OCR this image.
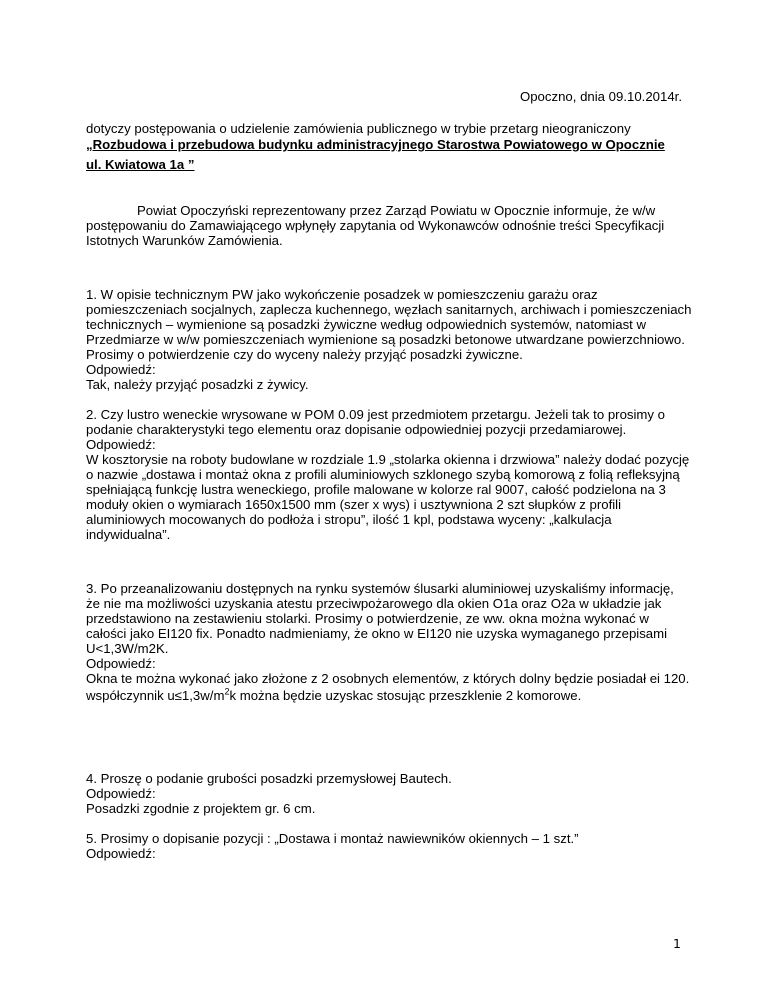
Opoczno, dnia 09.10.2014r.
dotyczy postępowania o udzielenie zamówienia publicznego w trybie przetarg nieograniczony
„Rozbudowa i przebudowa budynku administracyjnego Starostwa Powiatowego w Opocznie
ul. Kwiatowa 1a ”
Powiat Opoczyński reprezentowany przez Zarząd Powiatu w Opocznie informuje, że w/w
postępowaniu do Zamawiającego wpłynęły zapytania od Wykonawców odnośnie treści Specyfikacji
Istotnych Warunków Zamówienia.
1. W opisie technicznym PW jako wykończenie posadzek w pomieszczeniu garażu oraz
pomieszczeniach socjalnych, zaplecza kuchennego, węzłach sanitarnych, archiwach i pomieszczeniach
technicznych – wymienione są posadzki żywiczne według odpowiednich systemów, natomiast w
Przedmiarze w w/w pomieszczeniach wymienione są posadzki betonowe utwardzane powierzchniowo.
Prosimy o potwierdzenie czy do wyceny należy przyjąć posadzki żywiczne.
Odpowiedź:
Tak, należy przyjąć posadzki z żywicy.
2. Czy lustro weneckie wrysowane w POM 0.09 jest przedmiotem przetargu. Jeżeli tak to prosimy o
podanie charakterystyki tego elementu oraz dopisanie odpowiedniej pozycji przedamiarowej.
Odpowiedź:
W kosztorysie na roboty budowlane w rozdziale 1.9 „stolarka okienna i drzwiowa” należy dodać pozycję
o nazwie „dostawa i montaż okna z profili aluminiowych szklonego szybą komorową z folią refleksyjną
spełniającą funkcję lustra weneckiego, profile malowane w kolorze ral 9007, całość podzielona na 3
moduły okien o wymiarach 1650x1500 mm (szer x wys) i usztywniona 2 szt słupków z profili
aluminiowych mocowanych do podłoża i stropu”, ilość 1 kpl, podstawa wyceny: „kalkulacja
indywidualna”.
3. Po przeanalizowaniu dostępnych na rynku systemów ślusarki aluminiowej uzyskaliśmy informację,
że nie ma możliwości uzyskania atestu przeciwpożarowego dla okien O1a oraz O2a w układzie jak
przedstawiono na zestawieniu stolarki. Prosimy o potwierdzenie, ze ww. okna można wykonać w
całości jako EI120 fix. Ponadto nadmieniamy, że okno w EI120 nie uzyska wymaganego przepisami
U<1,3W/m2K.
Odpowiedź:
Okna te można wykonać jako złożone z 2 osobnych elementów, z których dolny będzie posiadał ei 120.
współczynnik $u\le 1,3w/m^2k$ można będzie uzyskac stosując przeszklenie 2 komorowe.
4. Proszę o podanie grubości posadzki przemysłowej Bautech.
Odpowiedź:
Posadzki zgodnie z projektem gr. 6 cm.
5. Prosimy o dopisanie pozycji : „Dostawa i montaż nawiewników okiennych – 1 szt.”
Odpowiedź:
1
